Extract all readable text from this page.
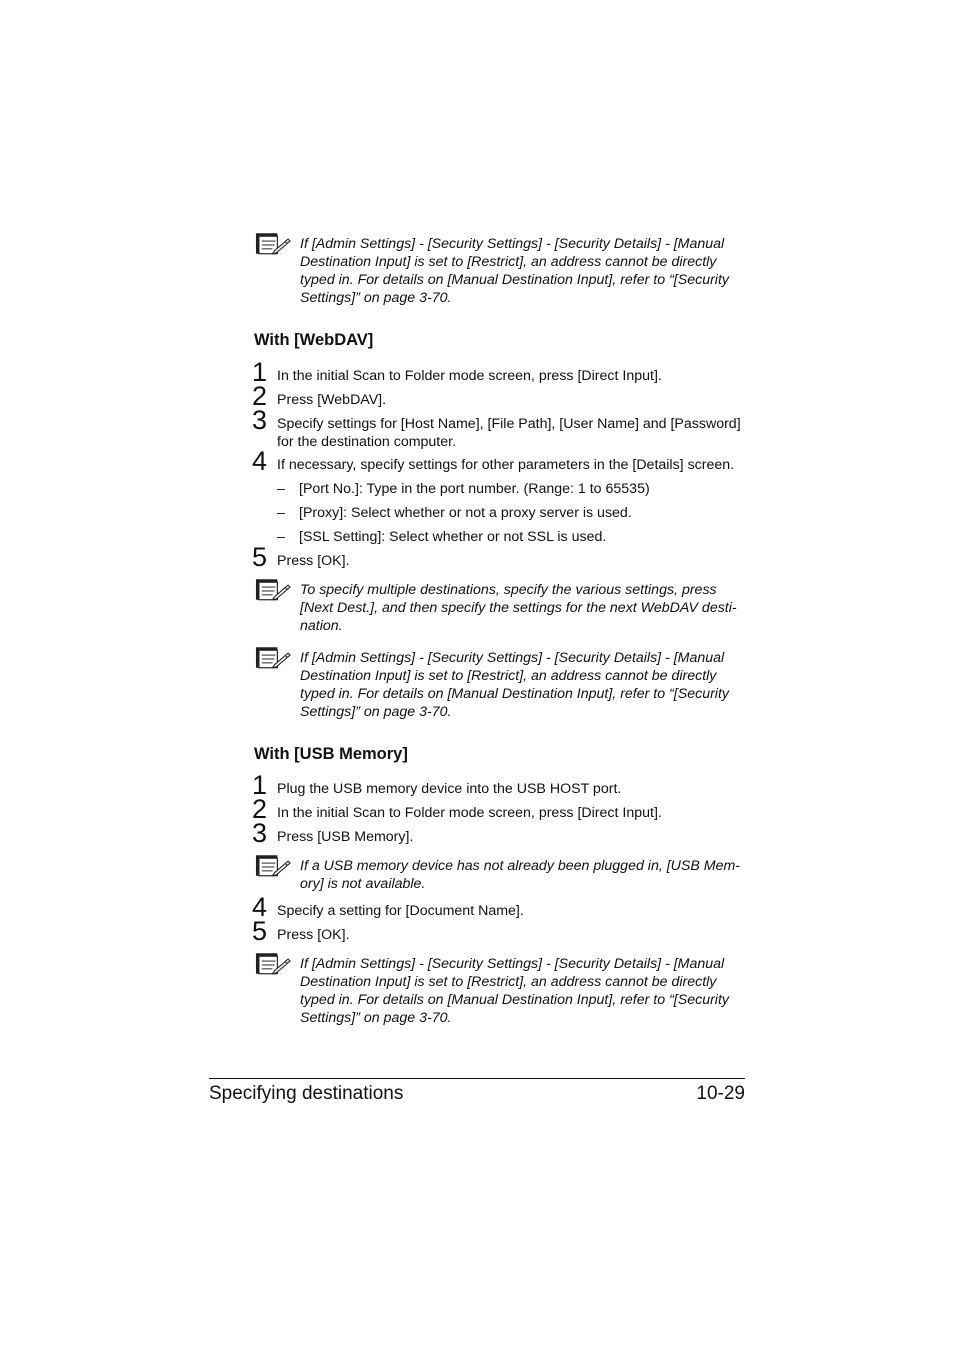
If [Admin Settings] - [Security Settings] - [Security Details] - [Manual
Destination Input] is set to [Restrict], an address cannot be directly
typed in. For details on [Manual Destination Input], refer to “[Security
Settings]” on page 3-70.
With [WebDAV]
1 In the initial Scan to Folder mode screen, press [Direct Input].
2 Press [WebDAV].
3 Specify settings for [Host Name], [File Path], [User Name] and [Password]
for the destination computer.
4 If necessary, specify settings for other parameters in the [Details] screen.
– [Port No.]: Type in the port number. (Range: 1 to 65535)
– [Proxy]: Select whether or not a proxy server is used.
– [SSL Setting]: Select whether or not SSL is used.
5 Press [OK].
To specify multiple destinations, specify the various settings, press
[Next Dest.], and then specify the settings for the next WebDAV desti-
nation.
If [Admin Settings] - [Security Settings] - [Security Details] - [Manual
Destination Input] is set to [Restrict], an address cannot be directly
typed in. For details on [Manual Destination Input], refer to “[Security
Settings]” on page 3-70.
With [USB Memory]
1 Plug the USB memory device into the USB HOST port.
2 In the initial Scan to Folder mode screen, press [Direct Input].
3 Press [USB Memory].
If a USB memory device has not already been plugged in, [USB Mem-
ory] is not available.
4 Specify a setting for [Document Name].
5 Press [OK].
If [Admin Settings] - [Security Settings] - [Security Details] - [Manual
Destination Input] is set to [Restrict], an address cannot be directly
typed in. For details on [Manual Destination Input], refer to “[Security
Settings]” on page 3-70.
Specifying destinations	10-29
